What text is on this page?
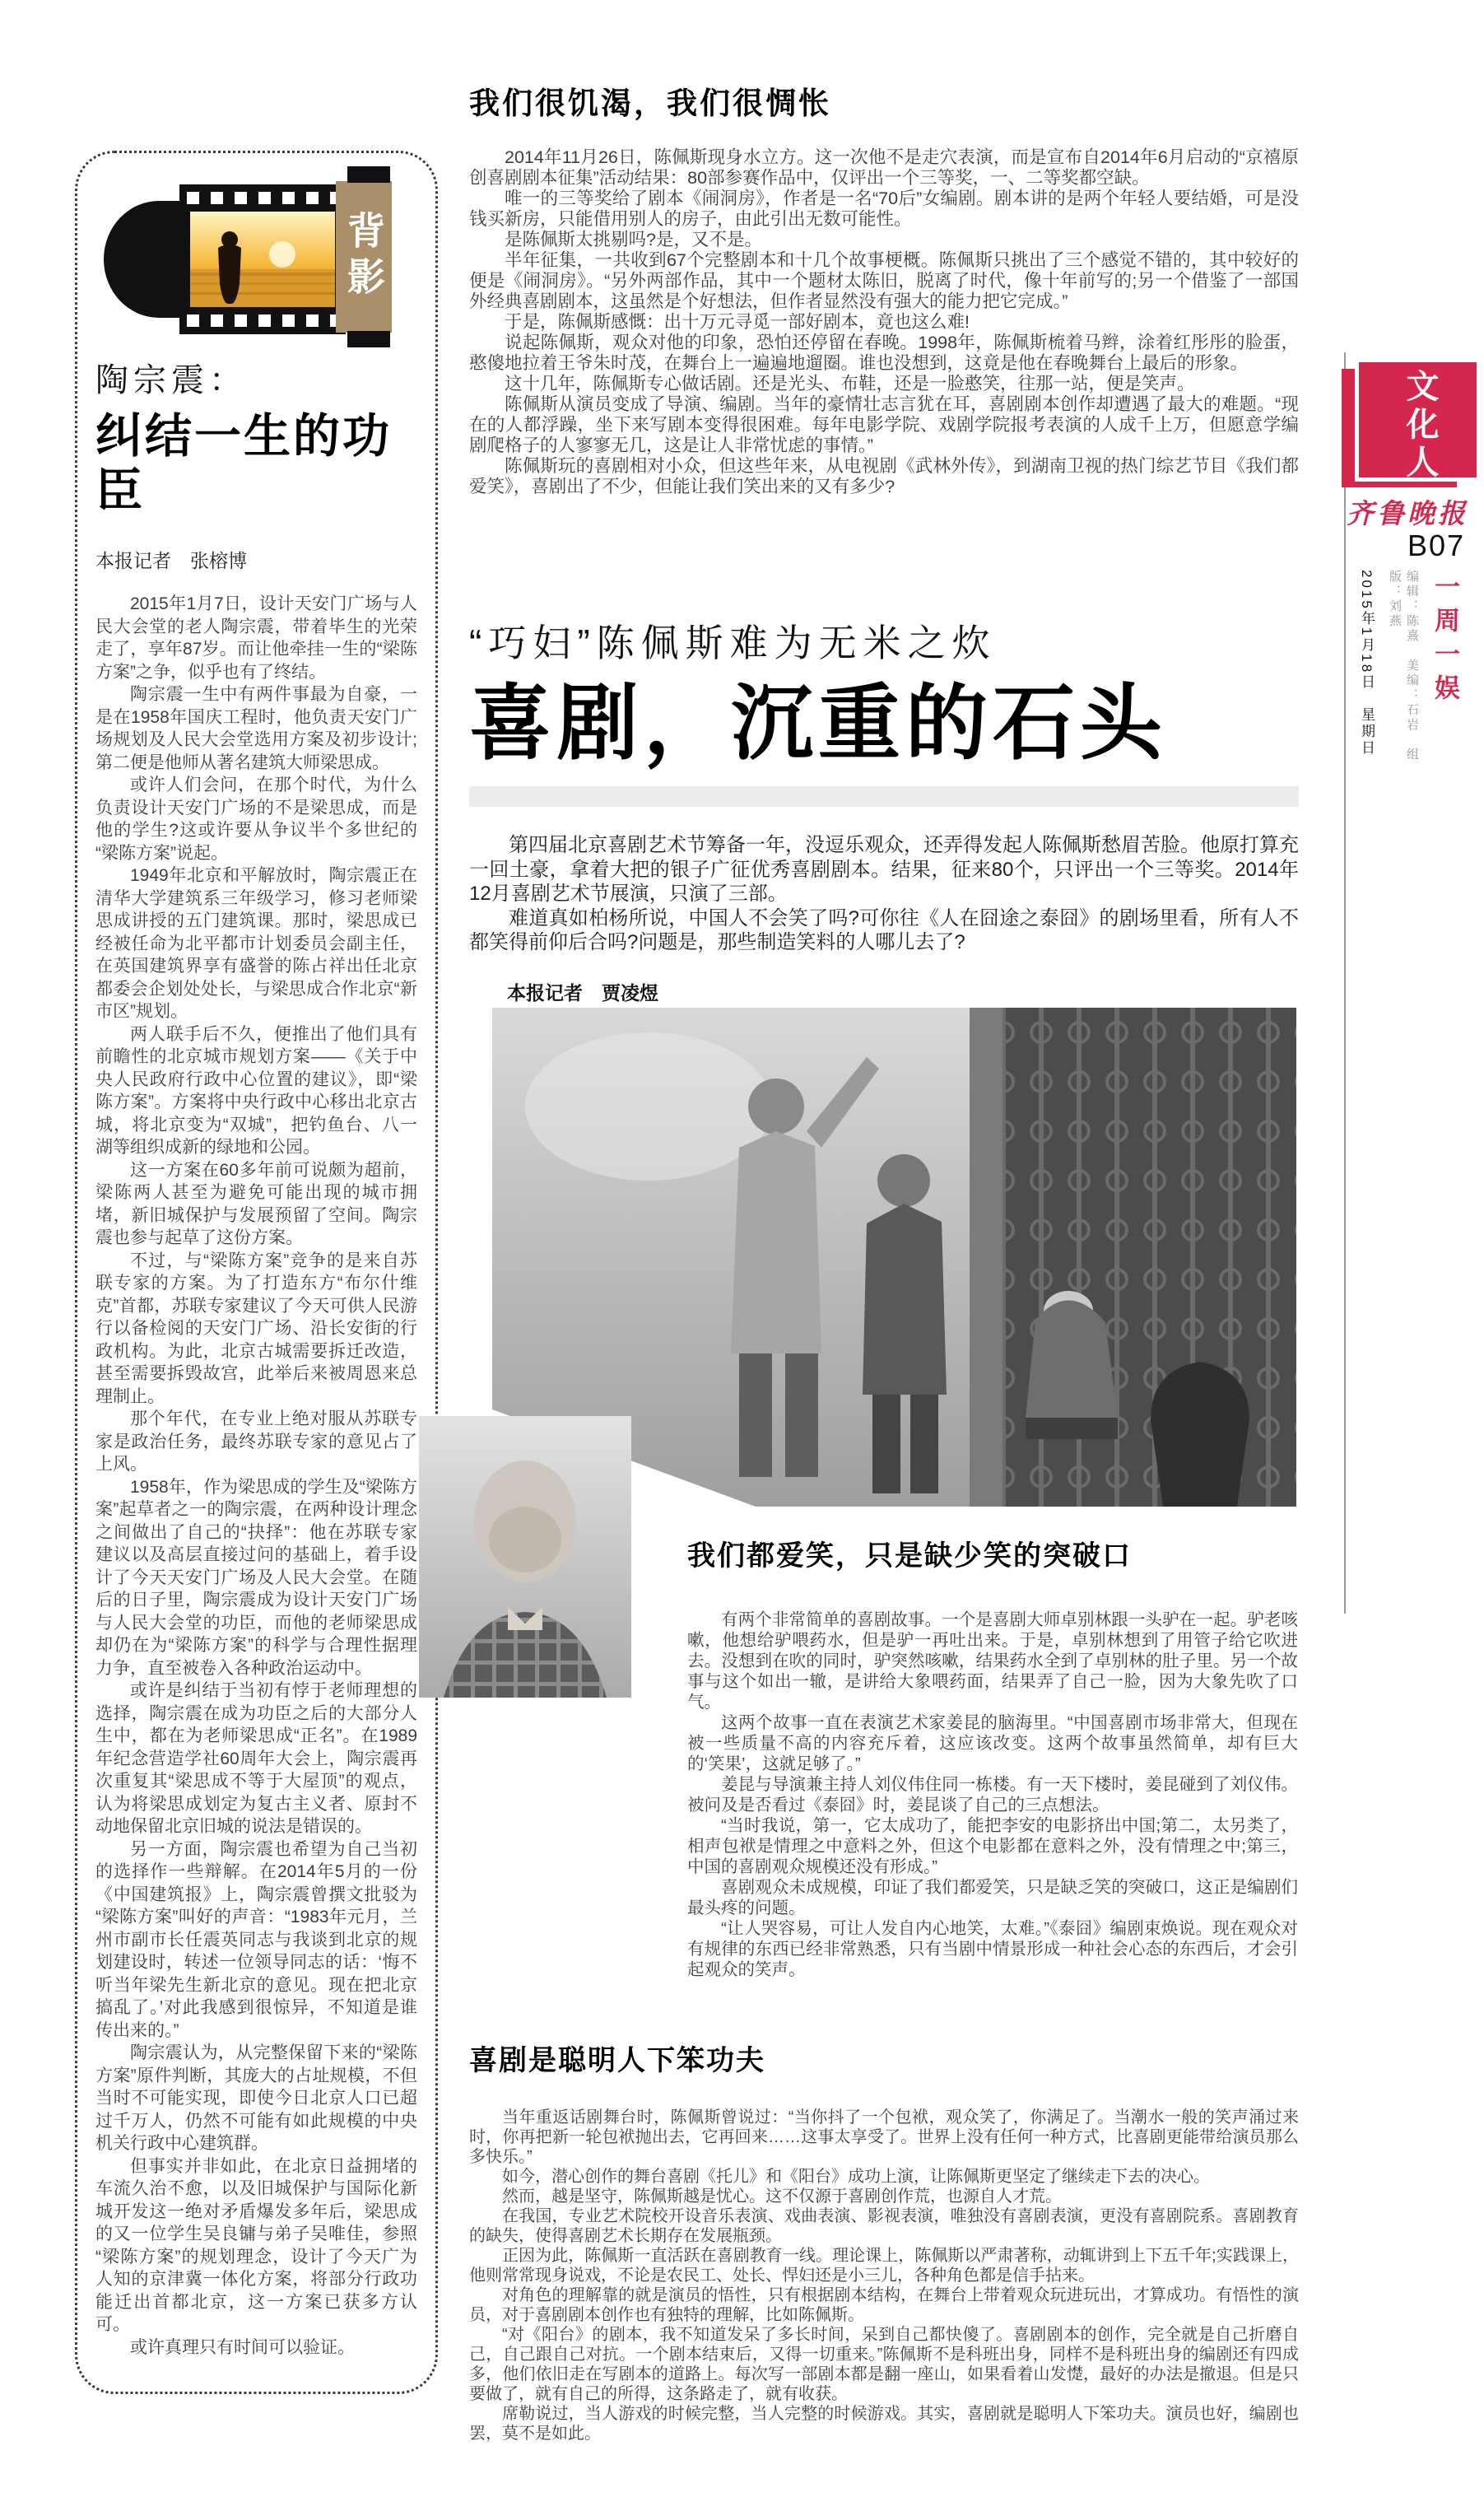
背影
陶宗震：
纠结一生的功臣
本报记者　张榕博

2015年1月7日，设计天安门广场与人民大会堂的老人陶宗震，带着毕生的光荣走了，享年87岁。而让他牵挂一生的“梁陈方案”之争，似乎也有了终结。

陶宗震一生中有两件事最为自豪，一是在1958年国庆工程时，他负责天安门广场规划及人民大会堂选用方案及初步设计;第二便是他师从著名建筑大师梁思成。

或许人们会问，在那个时代，为什么负责设计天安门广场的不是梁思成，而是他的学生?这或许要从争议半个多世纪的“梁陈方案”说起。

1949年北京和平解放时，陶宗震正在清华大学建筑系三年级学习，修习老师梁思成讲授的五门建筑课。那时，梁思成已经被任命为北平都市计划委员会副主任，在英国建筑界享有盛誉的陈占祥出任北京都委会企划处处长，与梁思成合作北京“新市区”规划。

两人联手后不久，便推出了他们具有前瞻性的北京城市规划方案——《关于中央人民政府行政中心位置的建议》，即“梁陈方案”。方案将中央行政中心移出北京古城，将北京变为“双城”，把钓鱼台、八一湖等组织成新的绿地和公园。

这一方案在60多年前可说颇为超前，梁陈两人甚至为避免可能出现的城市拥堵，新旧城保护与发展预留了空间。陶宗震也参与起草了这份方案。

不过，与“梁陈方案”竞争的是来自苏联专家的方案。为了打造东方“布尔什维克”首都，苏联专家建议了今天可供人民游行以备检阅的天安门广场、沿长安街的行政机构。为此，北京古城需要拆迁改造，甚至需要拆毁故宫，此举后来被周恩来总理制止。

那个年代，在专业上绝对服从苏联专家是政治任务，最终苏联专家的意见占了上风。

1958年，作为梁思成的学生及“梁陈方案”起草者之一的陶宗震，在两种设计理念之间做出了自己的“抉择”：他在苏联专家建议以及高层直接过问的基础上，着手设计了今天天安门广场及人民大会堂。在随后的日子里，陶宗震成为设计天安门广场与人民大会堂的功臣，而他的老师梁思成却仍在为“梁陈方案”的科学与合理性据理力争，直至被卷入各种政治运动中。

或许是纠结于当初有悖于老师理想的选择，陶宗震在成为功臣之后的大部分人生中，都在为老师梁思成“正名”。在1989年纪念营造学社60周年大会上，陶宗震再次重复其“梁思成不等于大屋顶”的观点，认为将梁思成划定为复古主义者、原封不动地保留北京旧城的说法是错误的。

另一方面，陶宗震也希望为自己当初的选择作一些辩解。在2014年5月的一份《中国建筑报》上，陶宗震曾撰文批驳为“梁陈方案”叫好的声音：“1983年元月，兰州市副市长任震英同志与我谈到北京的规划建设时，转述一位领导同志的话：‘悔不听当年梁先生新北京的意见。现在把北京搞乱了。’对此我感到很惊异，不知道是谁传出来的。”

陶宗震认为，从完整保留下来的“梁陈方案”原件判断，其庞大的占址规模，不但当时不可能实现，即使今日北京人口已超过千万人，仍然不可能有如此规模的中央机关行政中心建筑群。

但事实并非如此，在北京日益拥堵的车流久治不愈，以及旧城保护与国际化新城开发这一绝对矛盾爆发多年后，梁思成的又一位学生吴良镛与弟子吴唯佳，参照“梁陈方案”的规划理念，设计了今天广为人知的京津冀一体化方案，将部分行政功能迁出首都北京，这一方案已获多方认可。

或许真理只有时间可以验证。

我们很饥渴，我们很惆怅

2014年11月26日，陈佩斯现身水立方。这一次他不是走穴表演，而是宣布自2014年6月启动的“京禧原创喜剧剧本征集”活动结果：80部参赛作品中，仅评出一个三等奖，一、二等奖都空缺。

唯一的三等奖给了剧本《闹洞房》，作者是一名“70后”女编剧。剧本讲的是两个年轻人要结婚，可是没钱买新房，只能借用别人的房子，由此引出无数可能性。

是陈佩斯太挑剔吗?是，又不是。

半年征集，一共收到67个完整剧本和十几个故事梗概。陈佩斯只挑出了三个感觉不错的，其中较好的便是《闹洞房》。“另外两部作品，其中一个题材太陈旧，脱离了时代，像十年前写的;另一个借鉴了一部国外经典喜剧剧本，这虽然是个好想法，但作者显然没有强大的能力把它完成。”

于是，陈佩斯感慨：出十万元寻觅一部好剧本，竟也这么难!

说起陈佩斯，观众对他的印象，恐怕还停留在春晚。1998年，陈佩斯梳着马辫，涂着红彤彤的脸蛋，憨傻地拉着王爷朱时茂，在舞台上一遍遍地遛圈。谁也没想到，这竟是他在春晚舞台上最后的形象。

这十几年，陈佩斯专心做话剧。还是光头、布鞋，还是一脸憨笑，往那一站，便是笑声。

陈佩斯从演员变成了导演、编剧。当年的豪情壮志言犹在耳，喜剧剧本创作却遭遇了最大的难题。“现在的人都浮躁，坐下来写剧本变得很困难。每年电影学院、戏剧学院报考表演的人成千上万，但愿意学编剧爬格子的人寥寥无几，这是让人非常忧虑的事情。”

陈佩斯玩的喜剧相对小众，但这些年来，从电视剧《武林外传》，到湖南卫视的热门综艺节目《我们都爱笑》，喜剧出了不少，但能让我们笑出来的又有多少?

“巧妇”陈佩斯难为无米之炊
喜剧，沉重的石头

第四届北京喜剧艺术节筹备一年，没逗乐观众，还弄得发起人陈佩斯愁眉苦脸。他原打算充一回土豪，拿着大把的银子广征优秀喜剧剧本。结果，征来80个，只评出一个三等奖。2014年12月喜剧艺术节展演，只演了三部。

难道真如柏杨所说，中国人不会笑了吗?可你往《人在囧途之泰囧》的剧场里看，所有人不都笑得前仰后合吗?问题是，那些制造笑料的人哪儿去了?

本报记者　贾凌煜
我们都爱笑，只是缺少笑的突破口

有两个非常简单的喜剧故事。一个是喜剧大师卓别林跟一头驴在一起。驴老咳嗽，他想给驴喂药水，但是驴一再吐出来。于是，卓别林想到了用管子给它吹进去。没想到在吹的同时，驴突然咳嗽，结果药水全到了卓别林的肚子里。另一个故事与这个如出一辙，是讲给大象喂药面，结果弄了自己一脸，因为大象先吹了口气。

这两个故事一直在表演艺术家姜昆的脑海里。“中国喜剧市场非常大，但现在被一些质量不高的内容充斥着，这应该改变。这两个故事虽然简单，却有巨大的‘笑果’，这就足够了。”

姜昆与导演兼主持人刘仪伟住同一栋楼。有一天下楼时，姜昆碰到了刘仪伟。被问及是否看过《泰囧》时，姜昆谈了自己的三点想法。

“当时我说，第一，它太成功了，能把李安的电影挤出中国;第二，太另类了，相声包袱是情理之中意料之外，但这个电影都在意料之外，没有情理之中;第三，中国的喜剧观众规模还没有形成。”

喜剧观众未成规模，印证了我们都爱笑，只是缺乏笑的突破口，这正是编剧们最头疼的问题。

“让人哭容易，可让人发自内心地笑，太难。”《泰囧》编剧束焕说。现在观众对有规律的东西已经非常熟悉，只有当剧中情景形成一种社会心态的东西后，才会引起观众的笑声。

喜剧是聪明人下笨功夫

当年重返话剧舞台时，陈佩斯曾说过：“当你抖了一个包袱，观众笑了，你满足了。当潮水一般的笑声涌过来时，你再把新一轮包袱抛出去，它再回来……这事太享受了。世界上没有任何一种方式，比喜剧更能带给演员那么多快乐。”

如今，潜心创作的舞台喜剧《托儿》和《阳台》成功上演，让陈佩斯更坚定了继续走下去的决心。

然而，越是坚守，陈佩斯越是忧心。这不仅源于喜剧创作荒，也源自人才荒。

在我国，专业艺术院校开设音乐表演、戏曲表演、影视表演，唯独没有喜剧表演，更没有喜剧院系。喜剧教育的缺失，使得喜剧艺术长期存在发展瓶颈。

正因为此，陈佩斯一直活跃在喜剧教育一线。理论课上，陈佩斯以严肃著称，动辄讲到上下五千年;实践课上，他则常常现身说戏，不论是农民工、处长、悍妇还是小三儿，各种角色都是信手拈来。

对角色的理解靠的就是演员的悟性，只有根据剧本结构，在舞台上带着观众玩进玩出，才算成功。有悟性的演员，对于喜剧剧本创作也有独特的理解，比如陈佩斯。

“对《阳台》的剧本，我不知道发呆了多长时间，呆到自己都快傻了。喜剧剧本的创作，完全就是自己折磨自己，自己跟自己对抗。一个剧本结束后，又得一切重来。”陈佩斯不是科班出身，同样不是科班出身的编剧还有四成多，他们依旧走在写剧本的道路上。每次写一部剧本都是翻一座山，如果看着山发憷，最好的办法是撤退。但是只要做了，就有自己的所得，这条路走了，就有收获。

席勒说过，当人游戏的时候完整，当人完整的时候游戏。其实，喜剧就是聪明人下笨功夫。演员也好，编剧也罢，莫不是如此。

文化人
齐鲁晚报
B07
2015年1月18日　星期日	编辑：陈熹　美编：石岩　组版：刘燕	一周一娱
